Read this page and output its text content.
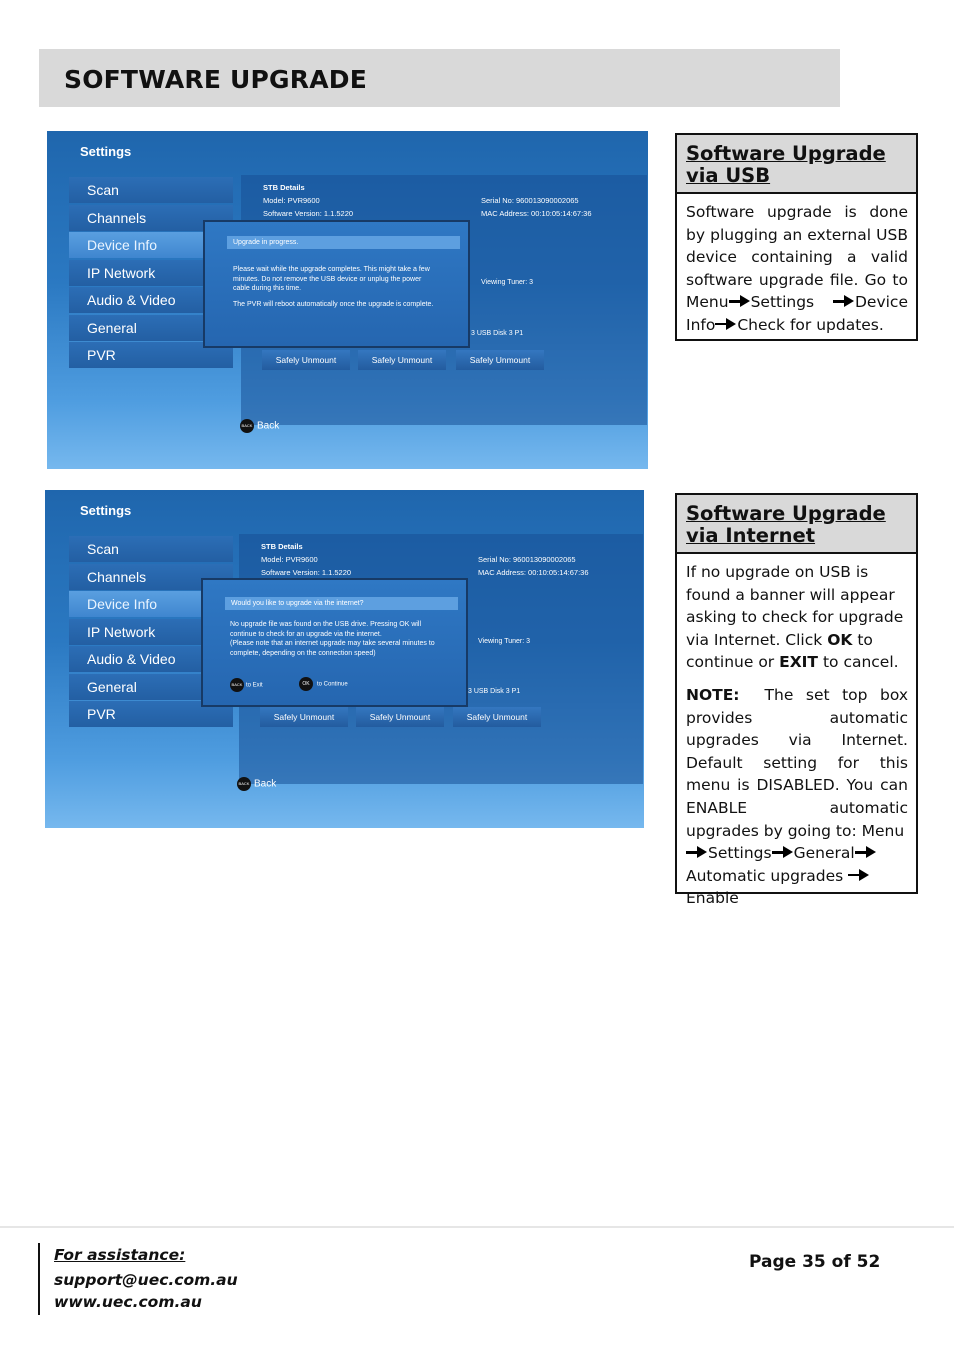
SOFTWARE UPGRADE
Settings
Scan
Channels
Device Info
IP Network
Audio & Video
General
PVR
STB Details
Model: PVR9600
Software Version: 1.1.5220
Serial No: 960013090002065
MAC Address: 00:10:05:14:67:36
Viewing Tuner: 3
3 USB Disk 3 P1
Upgrade in progress.

Please wait while the upgrade completes. This might take a few minutes. Do not remove the USB device or unplug the power cable during this time.

The PVR will reboot automatically once the upgrade is complete.

Safely Unmount	Safely Unmount	Safely Unmount
BACK Back
Settings
Scan
Channels
Device Info
IP Network
Audio & Video
General
PVR
STB Details
Model: PVR9600
Software Version: 1.1.5220
Serial No: 960013090002065
MAC Address: 00:10:05:14:67:36
Viewing Tuner: 3
3 USB Disk 3 P1
Would you like to upgrade via the internet?

No upgrade file was found on the USB drive. Pressing OK will continue to check for an upgrade via the internet.

(Please note that an internet upgrade may take several minutes to complete, depending on the connection speed)

BACK to Exit	OK to Continue
Safely Unmount	Safely Unmount	Safely Unmount
BACK Back
Software Upgrade via USB

Software upgrade is done by plugging an external USB device containing a valid software upgrade file. Go to Menu Settings	Device Info Check for updates.

Software Upgrade via Internet

If no upgrade on USB is found a banner will appear asking to check for upgrade via Internet. Click OK to continue or EXIT to cancel.

NOTE: The set top box provides automatic upgrades via Internet. Default setting for this menu is DISABLED. You can ENABLE automatic upgrades by going to: Menu

Settings General
Automatic upgrades
Enable

For assistance:
support@uec.com.au
www.uec.com.au
Page 35 of 52
